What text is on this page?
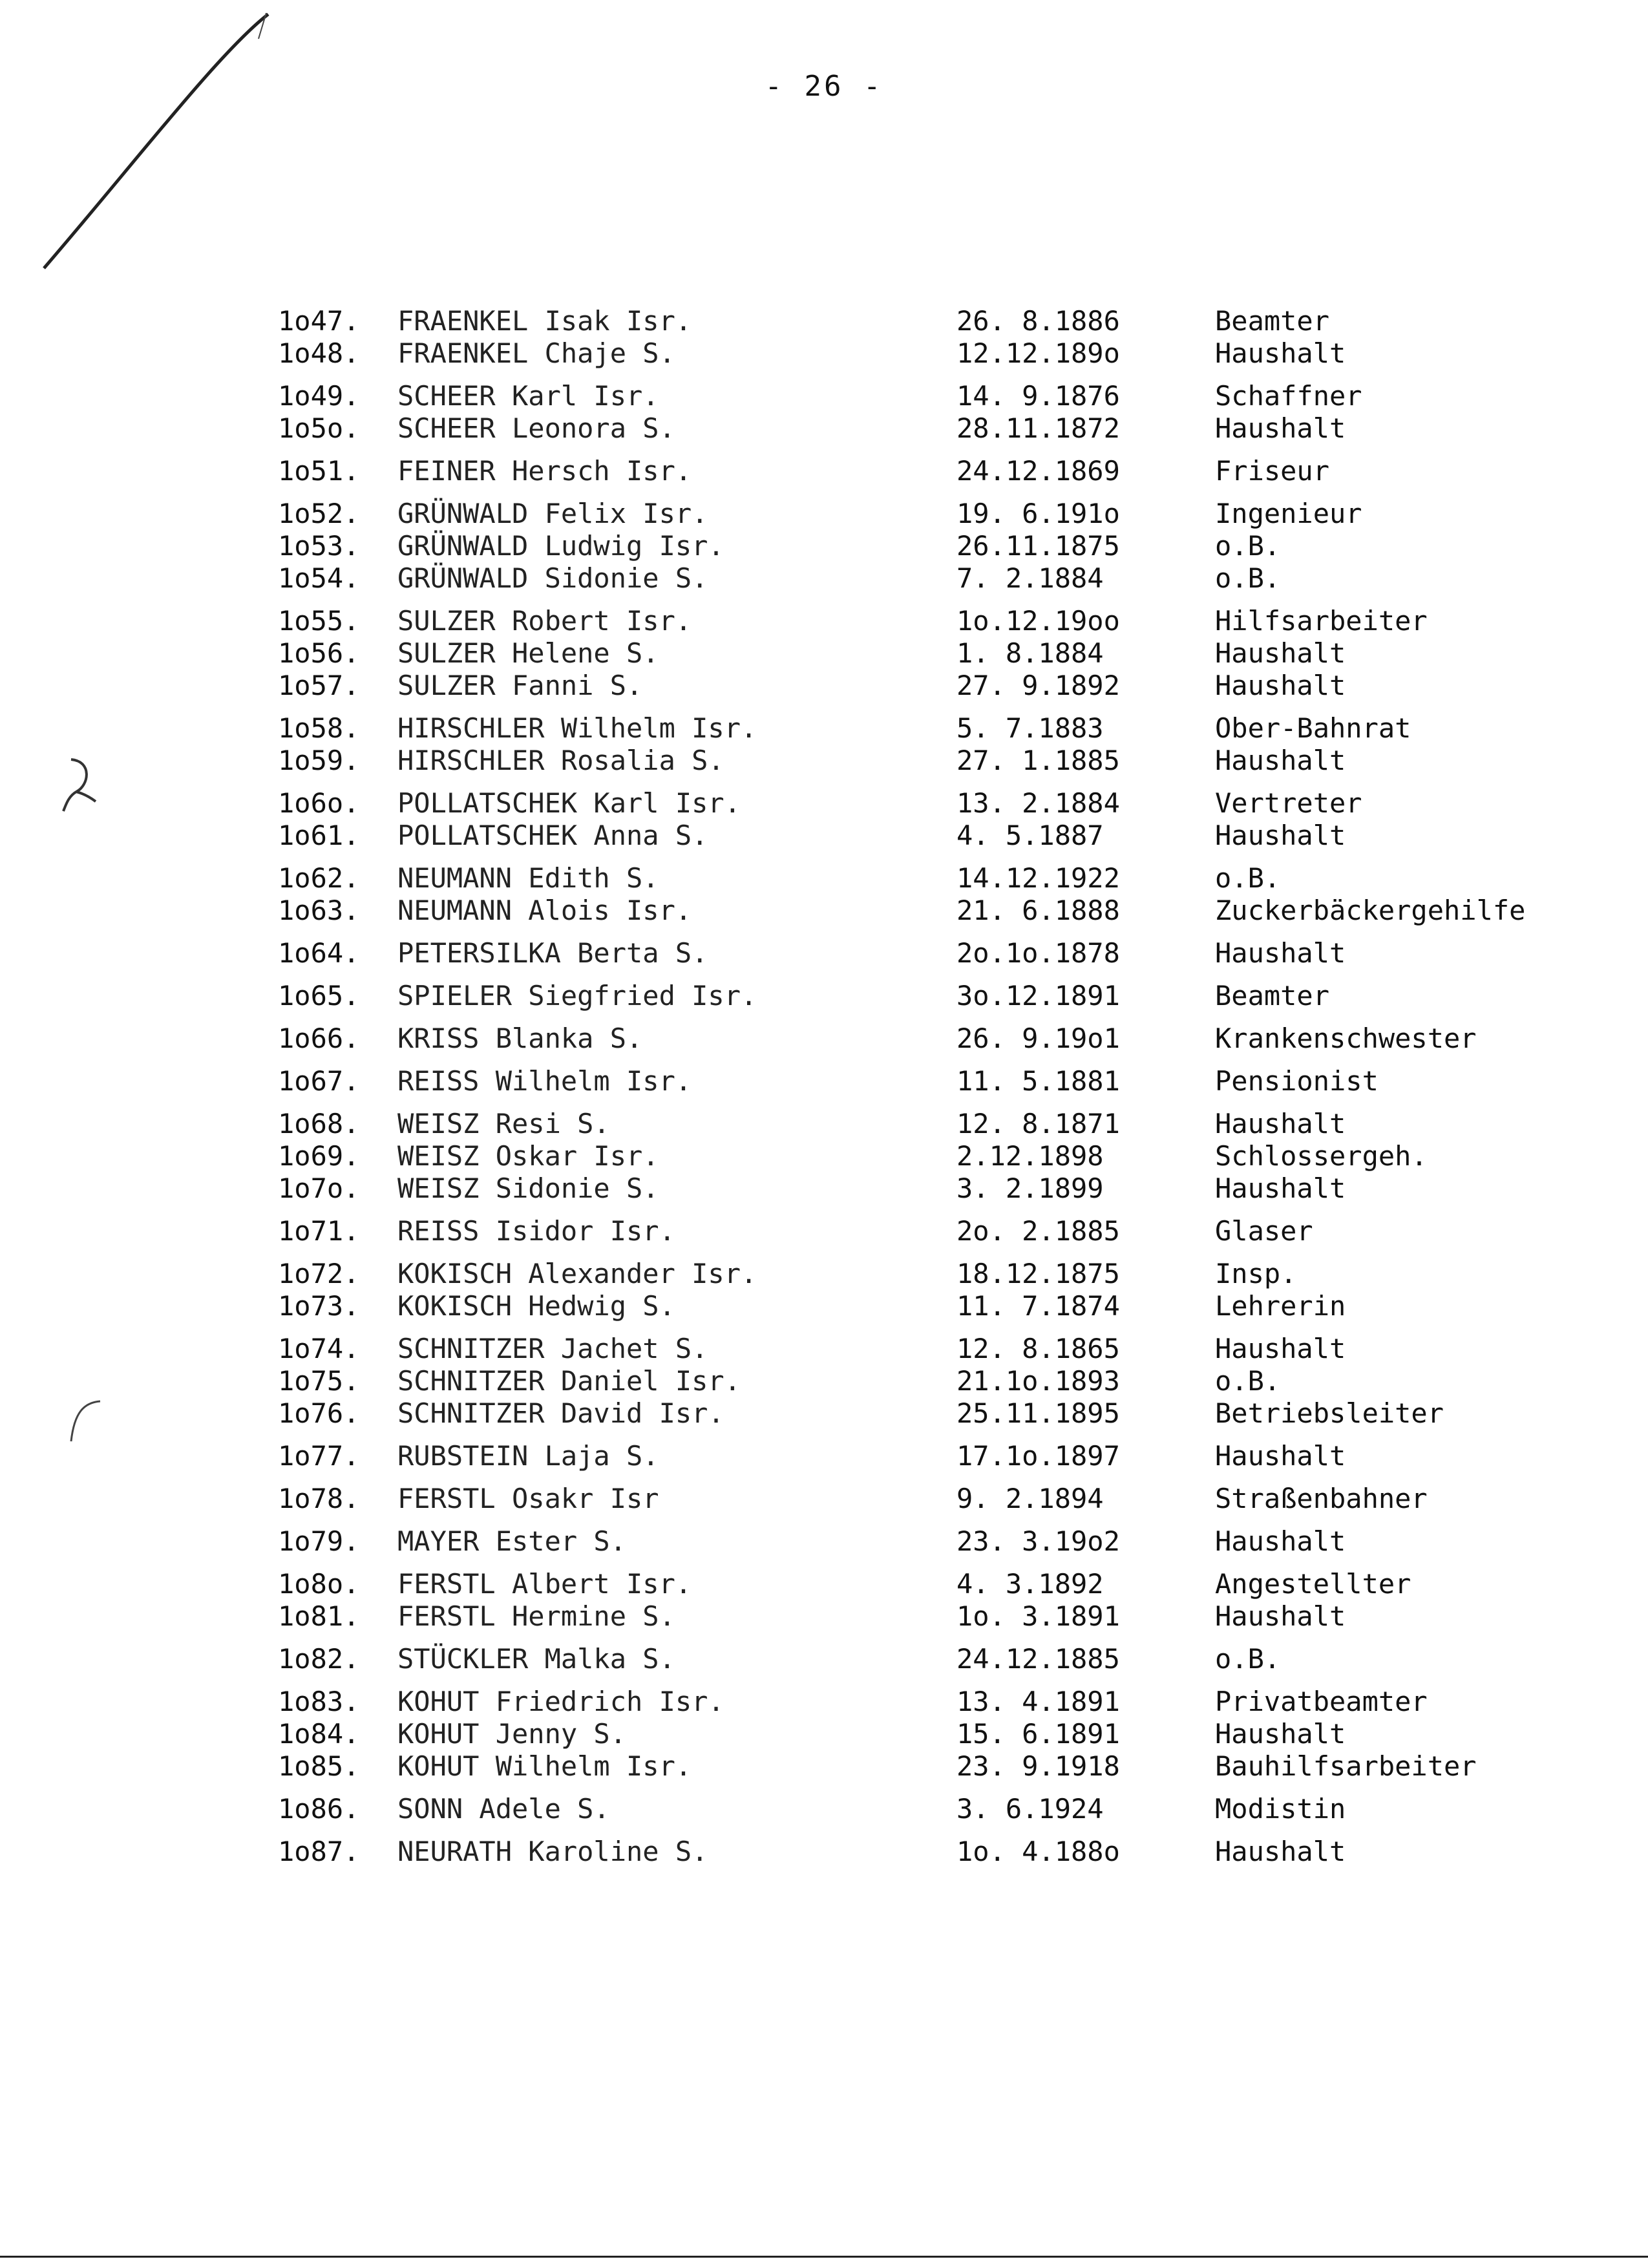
- 26 -
1o47. FRAENKEL Isak Isr.	26. 8.1886	Beamter
1o48. FRAENKEL Chaje S.	12.12.189o	Haushalt
1o49. SCHEER Karl Isr.	14. 9.1876	Schaffner
1o5o. SCHEER Leonora S.	28.11.1872	Haushalt
1o51. FEINER Hersch Isr.	24.12.1869	Friseur
1o52. GRÜNWALD Felix Isr.	19. 6.191o	Ingenieur
1o53. GRÜNWALD Ludwig Isr.	26.11.1875	o.B.
1o54. GRÜNWALD Sidonie S.	7. 2.1884	o.B.
1o55. SULZER Robert Isr.	1o.12.19oo	Hilfsarbeiter
1o56. SULZER Helene S.	1. 8.1884	Haushalt
1o57. SULZER Fanni S.	27. 9.1892	Haushalt
1o58. HIRSCHLER Wilhelm Isr.	5. 7.1883	Ober-Bahnrat
1o59. HIRSCHLER Rosalia S.	27. 1.1885	Haushalt
1o6o. POLLATSCHEK Karl Isr.	13. 2.1884	Vertreter
1o61. POLLATSCHEK Anna S.	4. 5.1887	Haushalt
1o62. NEUMANN Edith S.	14.12.1922	o.B.
1o63. NEUMANN Alois Isr.	21. 6.1888	Zuckerbäckergehilfe
1o64. PETERSILKA Berta S.	2o.1o.1878	Haushalt
1o65. SPIELER Siegfried Isr.	3o.12.1891	Beamter
1o66. KRISS Blanka S.	26. 9.19o1	Krankenschwester
1o67. REISS Wilhelm Isr.	11. 5.1881	Pensionist
1o68. WEISZ Resi S.	12. 8.1871	Haushalt
1o69. WEISZ Oskar Isr.	2.12.1898	Schlossergeh.
1o7o. WEISZ Sidonie S.	3. 2.1899	Haushalt
1o71. REISS Isidor Isr.	2o. 2.1885	Glaser
1o72. KOKISCH Alexander Isr.	18.12.1875	Insp.
1o73. KOKISCH Hedwig S.	11. 7.1874	Lehrerin
1o74. SCHNITZER Jachet S.	12. 8.1865	Haushalt
1o75. SCHNITZER Daniel Isr.	21.1o.1893	o.B.
1o76. SCHNITZER David Isr.	25.11.1895	Betriebsleiter
1o77. RUBSTEIN Laja S.	17.1o.1897	Haushalt
1o78. FERSTL Osakr Isr	9. 2.1894	Straßenbahner
1o79. MAYER Ester S.	23. 3.19o2	Haushalt
1o8o. FERSTL Albert Isr.	4. 3.1892	Angestellter
1o81. FERSTL Hermine S.	1o. 3.1891	Haushalt
1o82. STÜCKLER Malka S.	24.12.1885	o.B.
1o83. KOHUT Friedrich Isr.	13. 4.1891	Privatbeamter
1o84. KOHUT Jenny S.	15. 6.1891	Haushalt
1o85. KOHUT Wilhelm Isr.	23. 9.1918	Bauhilfsarbeiter
1o86. SONN Adele S.	3. 6.1924	Modistin
1o87. NEURATH Karoline S.	1o. 4.188o	Haushalt
